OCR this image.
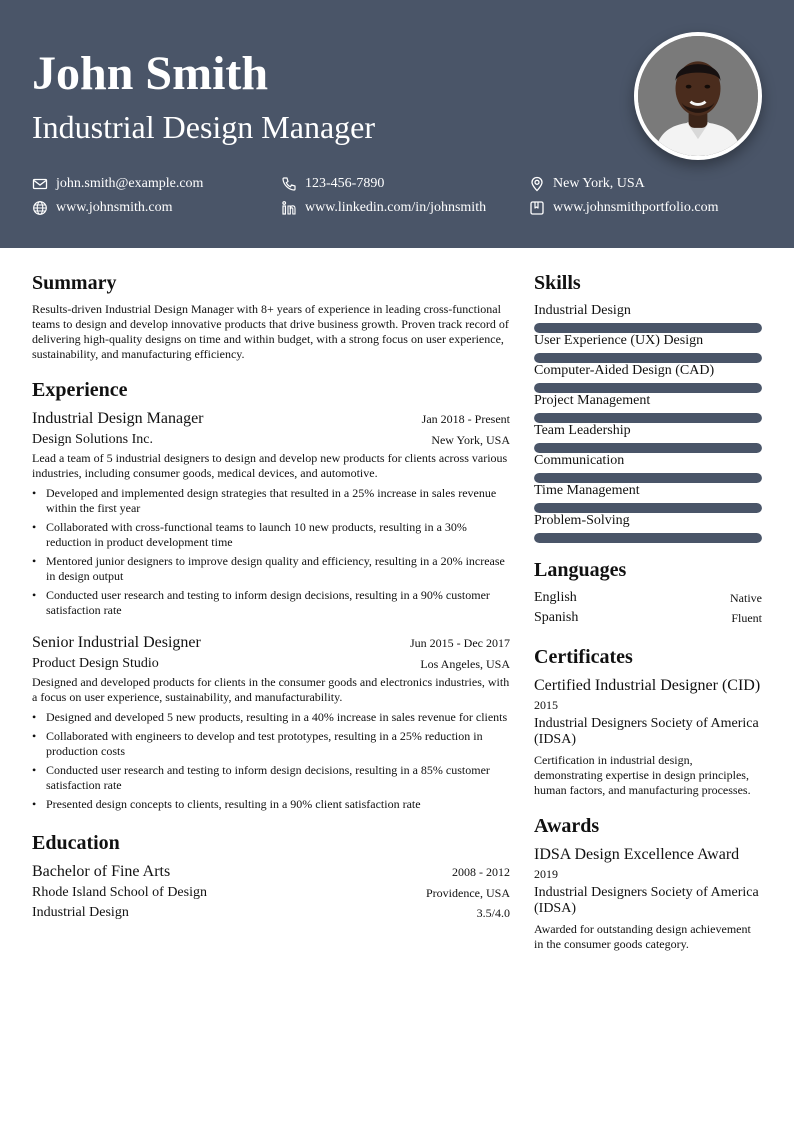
John Smith
Industrial Design Manager
john.smith@example.com	123-456-7890	New York, USA
www.johnsmith.com	www.linkedin.com/in/johnsmith	www.johnsmithportfolio.com
Summary
Results-driven Industrial Design Manager with 8+ years of experience in leading cross-functional teams to design and develop innovative products that drive business growth. Proven track record of delivering high-quality designs on time and within budget, with a strong focus on user experience, sustainability, and manufacturing efficiency.
Experience
Industrial Design Manager	Jan 2018 - Present
Design Solutions Inc.	New York, USA
Lead a team of 5 industrial designers to design and develop new products for clients across various industries, including consumer goods, medical devices, and automotive.
• Developed and implemented design strategies that resulted in a 25% increase in sales revenue within the first year
• Collaborated with cross-functional teams to launch 10 new products, resulting in a 30% reduction in product development time
• Mentored junior designers to improve design quality and efficiency, resulting in a 20% increase in design output
• Conducted user research and testing to inform design decisions, resulting in a 90% customer satisfaction rate
Senior Industrial Designer	Jun 2015 - Dec 2017
Product Design Studio	Los Angeles, USA
Designed and developed products for clients in the consumer goods and electronics industries, with a focus on user experience, sustainability, and manufacturability.
• Designed and developed 5 new products, resulting in a 40% increase in sales revenue for clients
• Collaborated with engineers to develop and test prototypes, resulting in a 25% reduction in production costs
• Conducted user research and testing to inform design decisions, resulting in a 85% customer satisfaction rate
• Presented design concepts to clients, resulting in a 90% client satisfaction rate
Education
Bachelor of Fine Arts	2008 - 2012
Rhode Island School of Design	Providence, USA
Industrial Design	3.5/4.0
Skills
Industrial Design
User Experience (UX) Design
Computer-Aided Design (CAD)
Project Management
Team Leadership
Communication
Time Management
Problem-Solving
Languages
English	Native
Spanish	Fluent
Certificates
Certified Industrial Designer (CID)
2015
Industrial Designers Society of America (IDSA)
Certification in industrial design, demonstrating expertise in design principles, human factors, and manufacturing processes.
Awards
IDSA Design Excellence Award
2019
Industrial Designers Society of America (IDSA)
Awarded for outstanding design achievement in the consumer goods category.
